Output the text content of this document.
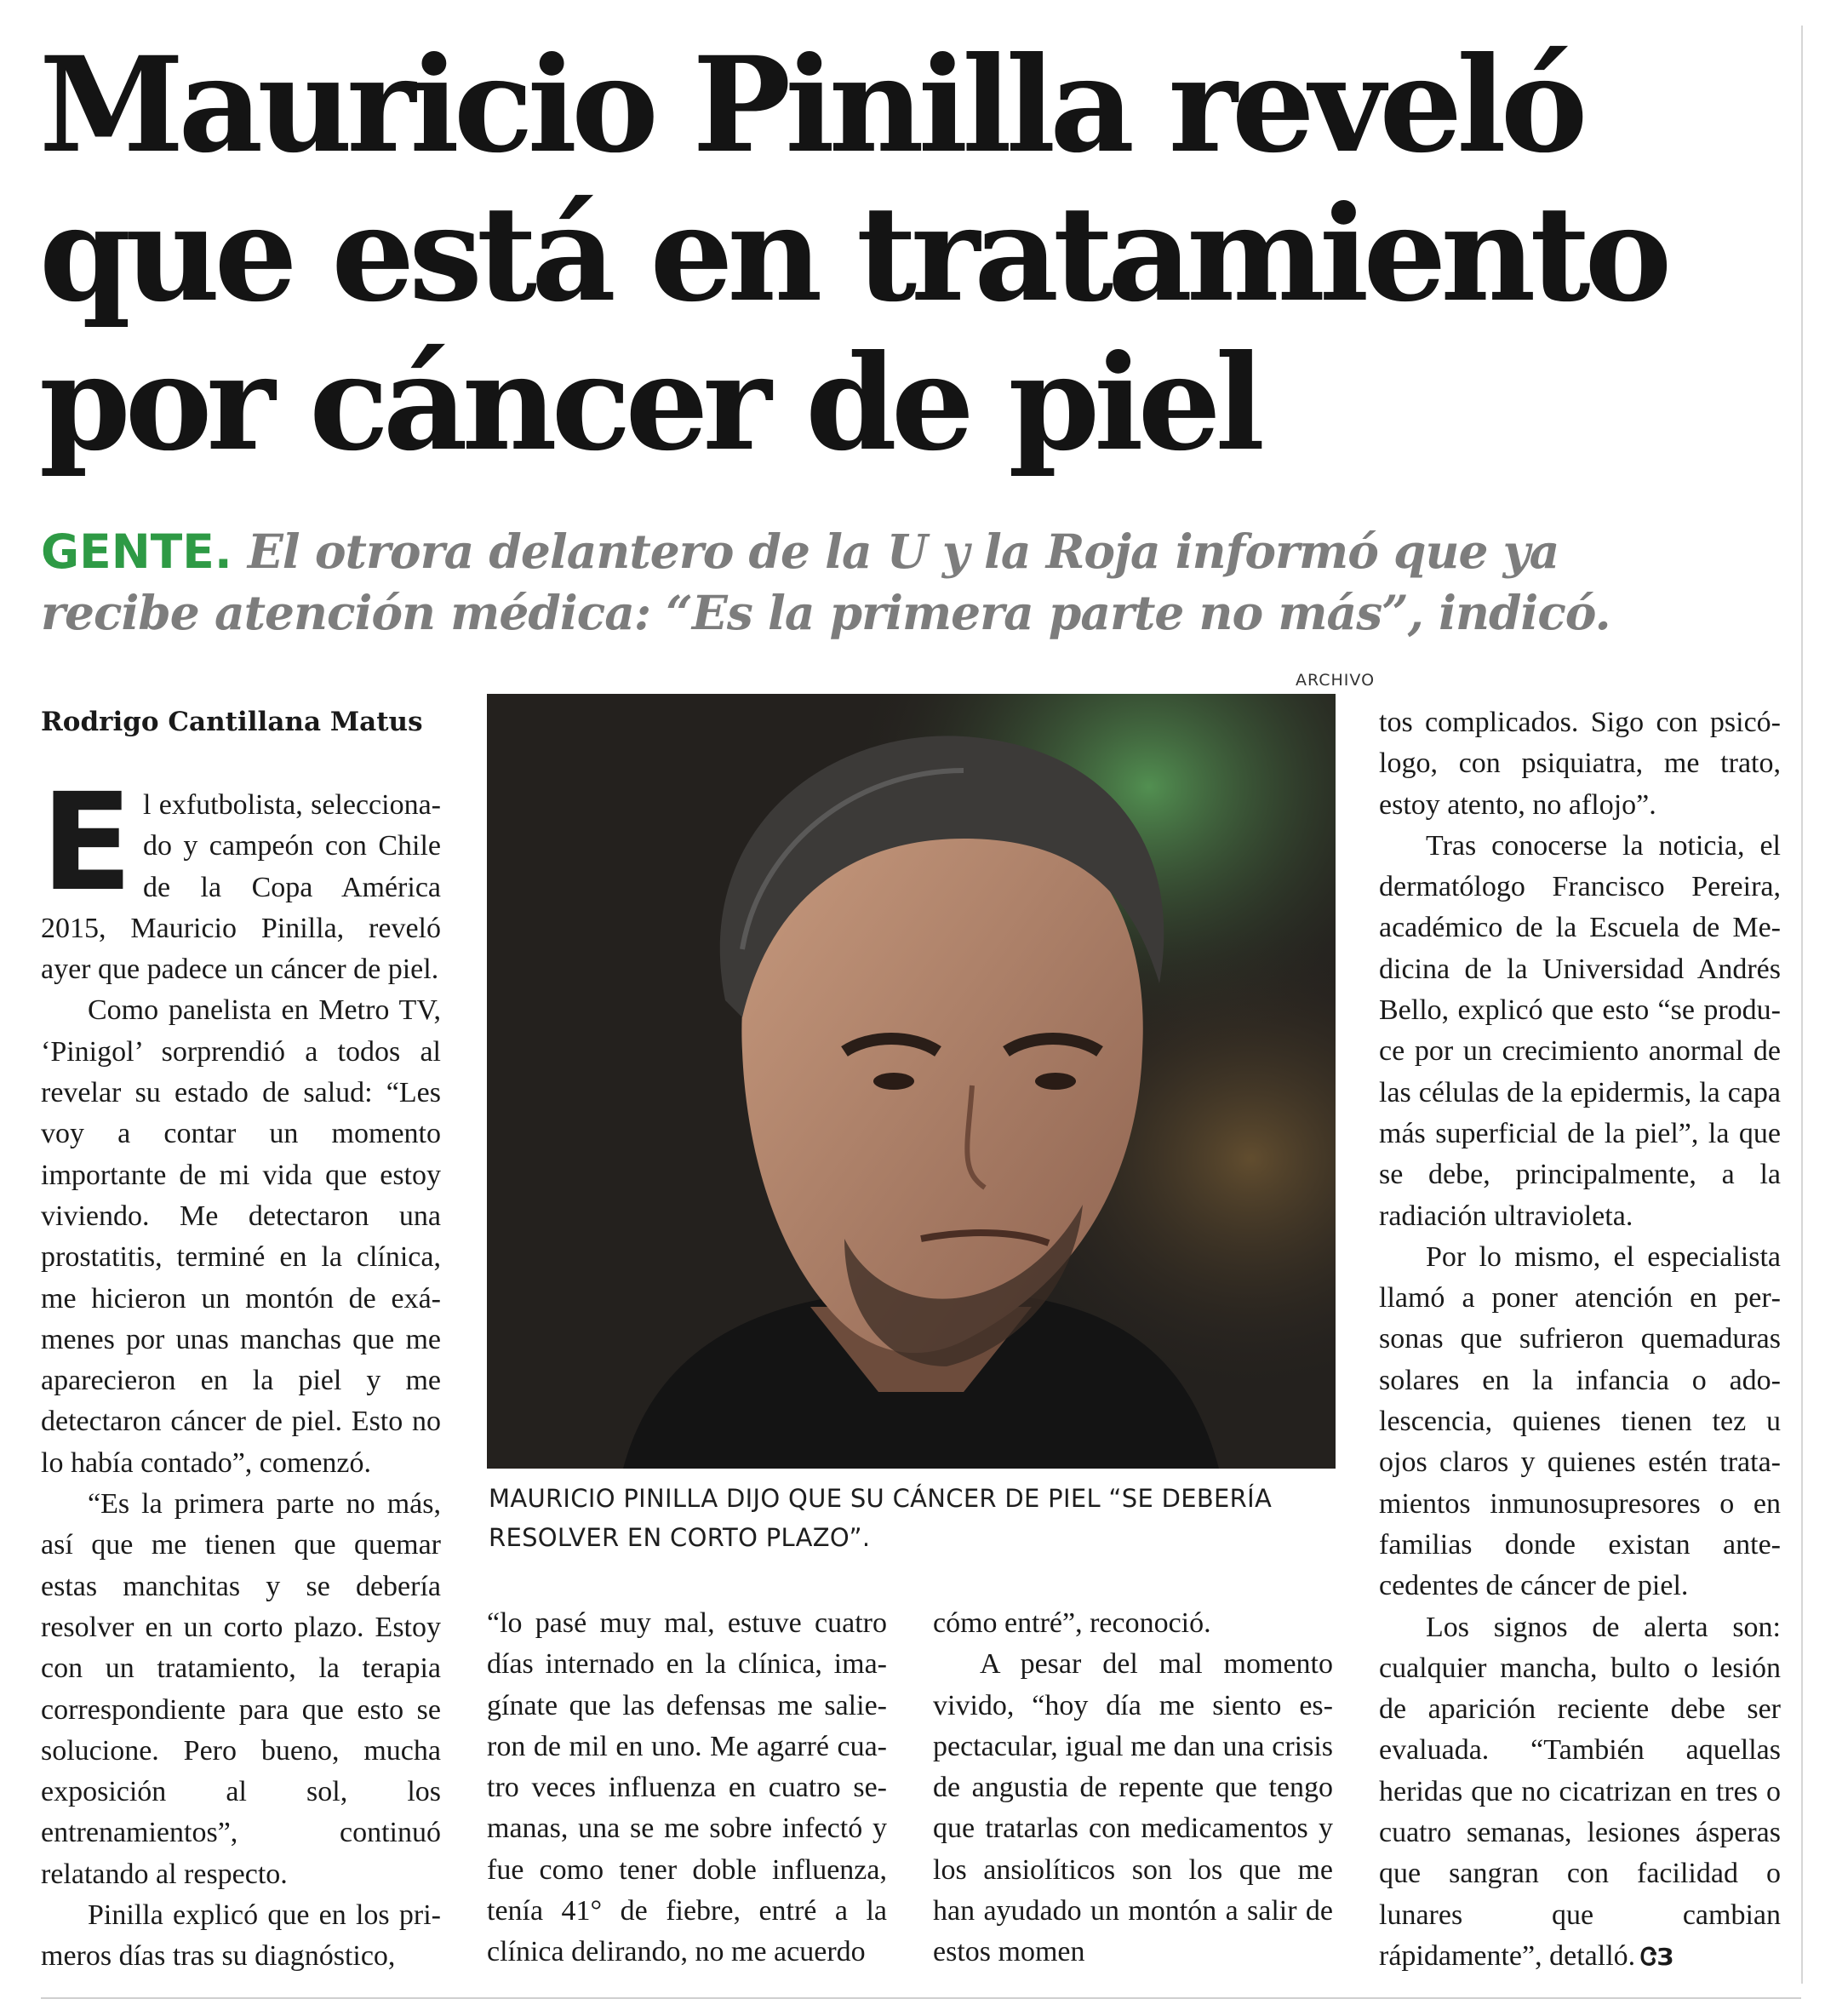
Mauricio Pinilla reveló
que está en tratamiento
por cáncer de piel

GENTE. El otrora delantero de la U y la Roja informó que ya recibe atención médica: “Es la primera parte no más”, indicó.

ARCHIVO
MAURICIO PINILLA DIJO QUE SU CÁNCER DE PIEL “SE DEBERÍA RESOLVER EN CORTO PLAZO”.
Rodrigo Cantillana Matus

El exfutbolista, seleccionado y campeón con Chile de la Copa América 2015, Mauricio Pinilla, reveló ayer que padece un cáncer de piel.

Como panelista en Metro TV, ‘Pinigol’ sorprendió a todos al revelar su estado de salud: “Les voy a contar un momento importante de mi vida que estoy viviendo. Me detectaron una prostatitis, terminé en la clínica, me hicieron un montón de exámenes por unas manchas que me aparecieron en la piel y me detectaron cáncer de piel. Esto no lo había contado”, comenzó.

“Es la primera parte no más, así que me tienen que quemar estas manchitas y se debería resolver en un corto plazo. Estoy con un tratamiento, la terapia correspondiente para que esto se solucione. Pero bueno, mucha exposición al sol, los entrenamientos”, continuó relatando al respecto.

Pinilla explicó que en los primeros días tras su diagnóstico,

“lo pasé muy mal, estuve cuatro días internado en la clínica, imagínate que las defensas me salieron de mil en uno. Me agarré cuatro veces influenza en cuatro semanas, una se me sobre infectó y fue como tener doble influenza, tenía 41° de fiebre, entré a la clínica delirando, no me acuerdo

cómo entré”, reconoció.

A pesar del mal momento vivido, “hoy día me siento espectacular, igual me dan una crisis de angustia de repente que tengo que tratarlas con medicamentos y los ansiolíticos son los que me han ayudado un montón a salir de estos momen

tos complicados. Sigo con psicólogo, con psiquiatra, me trato, estoy atento, no aflojo”.

Tras conocerse la noticia, el dermatólogo Francisco Pereira, académico de la Escuela de Medicina de la Universidad Andrés Bello, explicó que esto “se produce por un crecimiento anormal de las células de la epidermis, la capa más superficial de la piel”, la que se debe, principalmente, a la radiación ultravioleta.

Por lo mismo, el especialista llamó a poner atención en personas que sufrieron quemaduras solares en la infancia o adolescencia, quienes tienen tez u ojos claros y quienes estén tratamientos inmunosupresores o en familias donde existan antecedentes de cáncer de piel.

Los signos de alerta son: cualquier mancha, bulto o lesión de aparición reciente debe ser evaluada. “También aquellas heridas que no cicatrizan en tres o cuatro semanas, lesiones ásperas que sangran con facilidad o lunares que cambian rápidamente”, detalló. ᏣЗ
